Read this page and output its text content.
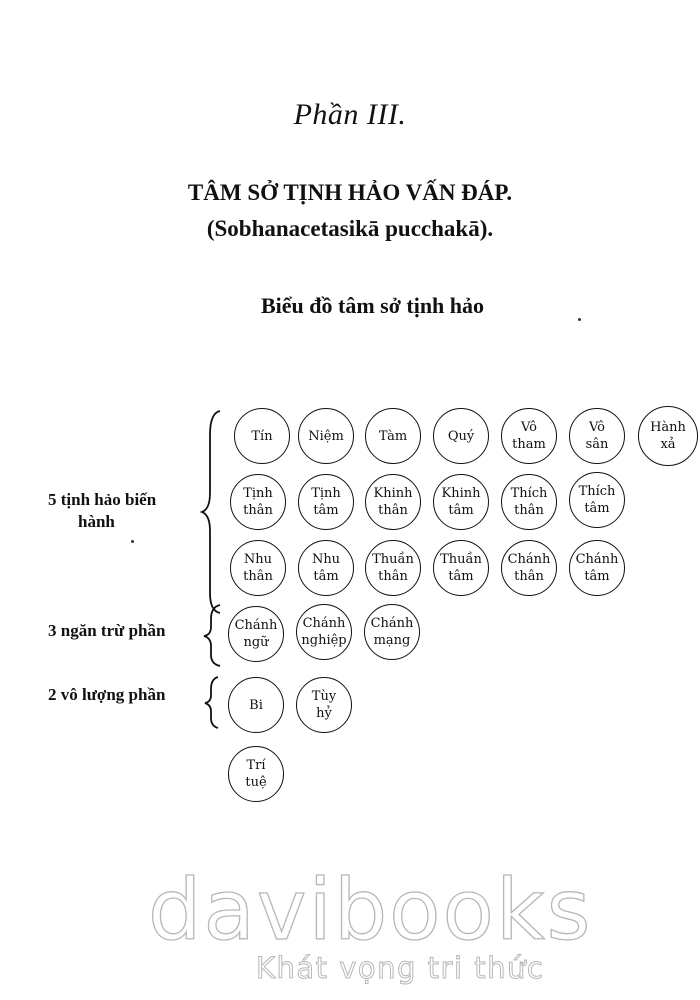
Phần III.
TÂM SỞ TỊNH HẢO VẤN ĐÁP.
(Sobhanacetasikā pucchakā).
Biểu đồ tâm sở tịnh hảo
5 tịnh hảo biến
hành
3 ngăn trừ phần
2 vô lượng phần
Tín	Niệm	Tàm	Quý
Vô
tham
Vô
sân
Hành
xả
Tịnh
thân
Tịnh
tâm
Khinh
thân
Khinh
tâm
Thích
thân
Thích
tâm
Nhu
thân
Nhu
tâm
Thuần
thân
Thuần
tâm
Chánh
thân
Chánh
tâm
Chánh
ngữ
Chánh
nghiệp
Chánh
mạng
Bi
Tùy
hỷ
Trí
tuệ
davibooks
Khát vọng tri thức
